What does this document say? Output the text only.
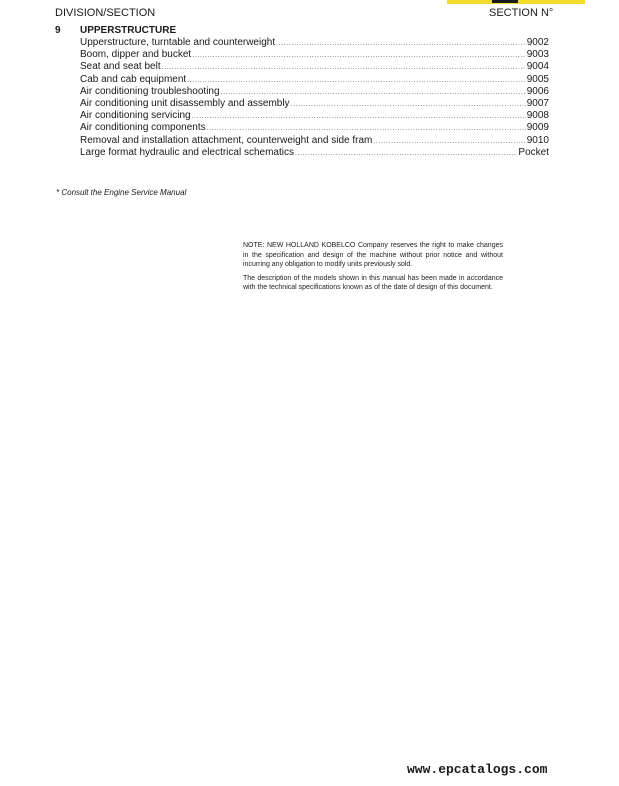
DIVISION/SECTION	SECTION N°
9 UPPERSTRUCTURE
Upperstructure, turntable and counterweight .....	9002
Boom, dipper and bucket .....	9003
Seat and seat belt .....	9004
Cab and cab equipment .....	9005
Air conditioning troubleshooting .....	9006
Air conditioning unit disassembly and assembly .....	9007
Air conditioning servicing .....	9008
Air conditioning components .....	9009
Removal and installation attachment, counterweight and side fram .....	9010
Large format hydraulic and electrical schematics .....	Pocket
* Consult the Engine Service Manual

NOTE: NEW HOLLAND KOBELCO Company reserves the right to make changes in the specification and design of the machine without prior notice and without incurring any obligation to modify units previously sold.

The description of the models shown in this manual has been made in accordance with the technical specifications known as of the date of design of this document.

www.epcatalogs.com
